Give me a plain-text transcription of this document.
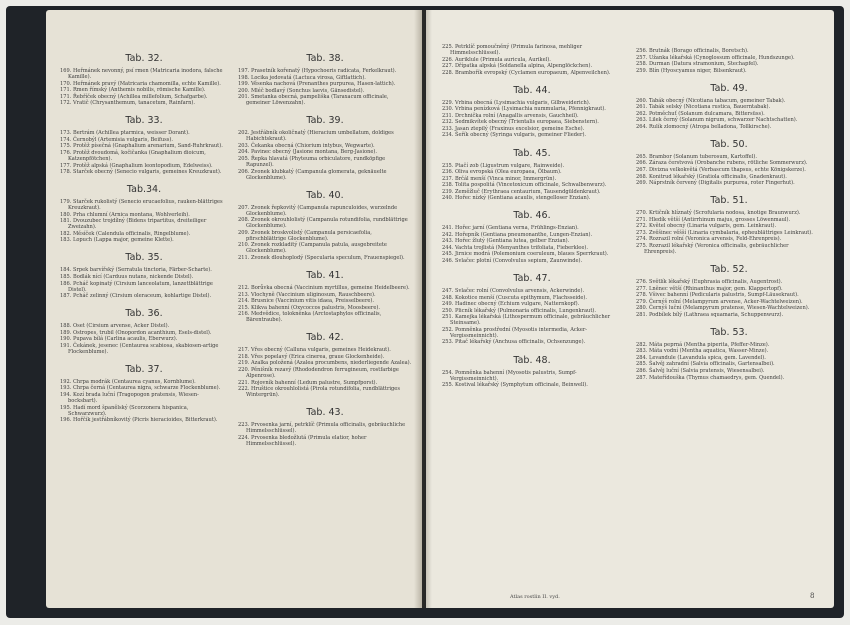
Tab. 32.
169. Heřmánek nevonný, psí rmen (Matricaria inodora, falsche Kamille).
170. Heřmánek pravý (Matricaria chamomilla, echte Kamille).
171. Rmen římský (Anthemis nobilis, römische Kamille).
171. Řebříček obecný (Achillea millefolium, Schafgarbe).
172. Vratič (Chrysanthemum, tanacetum, Rainfarn).
Tab. 33.
173. Bertrám (Achillea ptarmica, weisser Dorant).
174. Černobýl (Artemisia vulgaris, Beifuss).
175. Protěž písečná (Gnaphalium arenarium, Sand-Ruhrkraut).
176. Protěž dvoudomá, kočičanka (Gnaphalium dioicum, Katzenpfötchen).
177. Protěž alpská (Gnaphalium leontopodium, Edelweiss).
178. Starček obecný (Senecio vulgaris, gemeines Kreuzkraut).
Tab.34.
179. Starček rukolistý (Senecio erucaefolius, rauken-blättriges Kreuzkraut).
180. Prha chlumní (Arnica montana, Wohlverleih).
181. Dvouzubec trojdílný (Bidens tripartitus, dreiteiliger Zweizahn).
182. Měsíček (Calendula officinalis, Ringelblume).
183. Lopuch (Lappa major, gemeine Klette).
Tab. 35.
184. Srpek barvířský (Serratula tinctoria, Färber-Scharte).
185. Bodlák nící (Carduus nutans, nickende Distel).
186. Pcháč kopinatý (Cirsium lanceolatum, lanzettblättrige Distel).
187. Pcháč zelinný (Cirsium oleraceum, kohlartige Distel).
Tab. 36.
188. Oset (Cirsium arvense, Acker Distel).
189. Ostropes, trubil (Onopordon acanthium, Esels-distel).
190. Pupava bílá (Carlina acaulis, Eberwurz).
191. Čekánek, jesenec (Centaurea scabiosa, skabiosen-artige Flockenblume).
Tab. 37.
192. Chrpa modrák (Centaurea cyanus, Kornblume).
193. Chrpa černá (Centaurea nigra, schwarze Flockenblume).
194. Kozí brada luční (Tragopogon pratensis, Wiesen-bocksbart).
195. Hadí mord španělský (Scorzonera hispanica, Schwarzwurz).
196. Hořčík jestřábníkovitý (Picris hieracioides, Bitterkraut).
Tab. 38.
197. Prasetník kořenatý (Hypochoeris radicata, Ferkelkraut).
198. Locika jedovatá (Lactuca virosa, Giftlattich).
199. Věsenka nachová (Prenanthes purpurea, Hasen-lattich).
200. Mléč bodlavý (Sonchus laevis, Gänsedistel).
201. Smetanka obecná, pampeliška (Taraxacum officinale, gemeiner Löwenzahn).
Tab. 39.
202. Jestřábník okoličnatý (Hieracium umbellatum, doldiges Habichtskraut).
203. Čekanka obecná (Chiorium intybus, Wegwarte).
204. Pavinec obecný (Jasione montana, Berg-Jasione).
205. Řepka hlavatá (Phyteuma orbiculatore, rundköpfige Rapunzel).
206. Zvonek klubkatý (Campanula glomerata, geknäuelte Glockenblume).
Tab. 40.
207. Zvonek řepkovitý (Campanula rapunculoides, wurzelnde Glockenblume).
208. Zvonek okrouhlolistý (Campanula rotundifolia, rundblättrige Glockenblume).
209. Zvonek broskvolistý (Campanula persicaefolia, pfirschblättrige Glockenblume).
210. Zvonek rozkladitý (Campanula patula, ausgebreitete Glockenblume).
211. Zvonek dlouhoplodý (Specularia speculum, Frauenspiegel).
Tab. 41.
212. Borůvka obecná (Vaccinium myrtillus, gemeine Heidelbeere).
213. Vlochyně (Vaccinium uliginosum, Rauschbeere).
214. Brusnice (Vaccinium vitis idaea, Preisselbeere).
215. Klikva bahenní (Oxycoccos palustris, Moosbeere).
216. Medvědice, tolokněnka (Arctostaphylos officinalis, Bärentraube).
Tab. 42.
217. Vřes obecný (Calluna vulgaris, gemeines Heidekraut).
218. Vřes popelavý (Erica cinerea, graue Glockenheide).
219. Azalka položená (Azalea procumbens, niederliegende Azalea).
220. Pěnišník rezavý (Rhododendron ferrugineum, rostfarbige Alpenrose).
221. Rojovník bahenní (Ledum palustre, Sumpfporst).
222. Hruštice okrouhlolistá (Pirola rotundifolia, rundblättriges Wintergrün).
Tab. 43.
223. Prvosenka jarní, petrklíč (Primula officinalis, gebräuchliche Himmelsschlüssel).
224. Prvosenka bledožlutá (Primula elatior, hoher Himmelsschlüssel).
225. Petrklíč pomoučněný (Primula farinosa, mehliger Himmelsschlüssel).
226. Auriklule (Primula auricula, Aurikel).
227. Dřípatka alpská (Soldanella alpina, Alpenglöckchen).
228. Brambořík evropský (Cyclamen europaeum, Alpenveilchen).
Tab. 44.
229. Vrbina obecná (Lysimachia vulgaris, Gilbweiderich).
230. Vrbina penízková (Lysimachia nummularia, Pfennigkraut).
231. Drchnička rolní (Anagallis arvensis, Gauchheil).
232. Sedmikvítek obecný (Trientalis europaea, Siebenstern).
233. Jasan ztepilý (Fraxinus excelsior, gemeine Esche).
234. Šeřík obecný (Syringa vulgaris, gemeiner Flieder).
Tab. 45.
235. Ptačí zob (Ligustrum vulgare, Rainweide).
236. Oliva evropská (Olea europaea, Ölbaum).
237. Brčál menší (Vinca minor, Immergrün).
238. Tolita pospolitá (Vincetoxicum officinale, Schwalbenwurz).
239. Zeměžluč (Erythraea centaurium, Tausendgüldenkraut).
240. Hořec nízký (Gentiana acaulis, stengelloser Enzian).
Tab. 46.
241. Hořec jarní (Gentiana verna, Frühlings-Enzian).
242. Hořepník (Gentiana pneumonanthe, Lungen-Enzian).
243. Hořec žlutý (Gentiana lutea, gelber Enzian).
244. Vachta trojlistá (Menyanthes trifoliata, Fieberklee).
245. Jirnice modrá (Polemonium coeruleum, blaues Sperrkraut).
246. Svlačec plotní (Convolvulus sepium, Zaunwinde).
Tab. 47.
247. Svlačec rolní (Convolvulus arvensis, Ackerwinde).
248. Kokotice menší (Cuscuta epithymum, Flachsseide).
249. Hadinec obecný (Echium vulgare, Natternkopf).
250. Plicník lékařský (Pulmonaria officinalis, Lungenkraut).
251. Kamejka lékařská (Lithospermum officinale, gebräuchlicher Steinsame).
252. Pomněnka prostřední (Myosotis intermedia, Acker-Vergissmeinnicht).
253. Pitač lékařský (Anchusa officinalis, Ochsenzunge).
Tab. 48.
254. Pomněnka bahenní (Myosotis palustris, Sumpf-Vergissmeinnicht).
255. Kostival lékařský (Symphytum officinale, Beinwell).
256. Brutnák (Borago officinalis, Boretsch).
257. Užanka lékařská (Cynoglossum officinale, Hundszunge).
258. Durman (Datura stramonium, Stechapfel).
259. Blín (Hyoscyamus niger, Bilsenkraut).
Tab. 49.
260. Tabák obecný (Nicotiana tabacum, gemeiner Tabak).
261. Tabák selský (Nicotiana rustica, Bauerntabak).
262. Potměchuť (Solanum dulcamara, Bittersüss).
263. Lilek černý (Solanum nigrum, schwarzer Nachtschatten).
264. Rulík zlomocný (Atropa belladona, Tollkirsche).
Tab. 50.
265. Brambor (Solanum tuberosum, Kartoffel).
266. Záraza čerstvová (Orobanche rubens, rötliche Sommerwurz).
267. Divizna velkokvětá (Verbascum thapsus, echte Königskerze).
268. Konitrud lékařský (Gratiola officinalis, Gnadenkraut).
269. Náprstník červený (Digitalis purpurea, roter Fingerhut).
Tab. 51.
270. Krtičník hlíznatý (Scrofularia nodosa, knotige Braunwurz).
271. Hledík větší (Antirrhinum majus, grosses Löwenmaul).
272. Květel obecný (Linaria vulgaris, gem. Leinkraut).
273. Zvěšinec věšší (Linaria cymbalaria, epheublättriges Leinkraut).
274. Rozrazil rolní (Veronica arvensis, Feld-Ehrenpreis).
275. Rozrazil lékařský (Veronica officinalis, gebräuchlicher Ehrenpreis).
Tab. 52.
276. Světlík lékařský (Euphrasia officinalis, Augentrost).
277. Lněnec větší (Rhinanthus major, gem. Klappertopf).
278. Všivec bahenní (Pedicularis palustris, Sumpf-Läusekraut).
279. Černýš rolní (Melampyrum arvense, Acker-Wachtelweizen).
280. Černýš luční (Melampyrum pratense, Wiesen-Wachtelweizen).
281. Podbílek bílý (Lathraea squamaria, Schuppenwurz).
Tab. 53.
282. Máta peprná (Mentha piperita, Pfeffer-Minze).
283. Máta vodní (Mentha aquatica, Wasser-Minze).
284. Levandule (Lavandula spica, gem. Lavendel).
285. Šalvěj zahradní (Salvia officinalis, Gartensalbei).
286. Šalvěj luční (Salvia pratensis, Wiesensalbei).
287. Mateřídouška (Thymus chamaedrys, gem. Quendel).
Atlas rostlin II. vyd.	8
